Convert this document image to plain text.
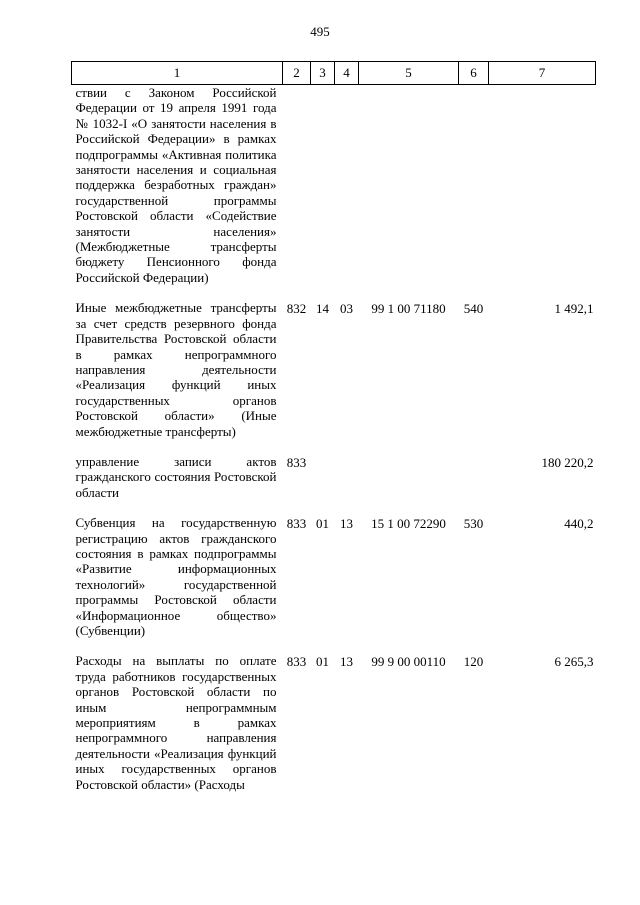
495
1	2	3	4	5	6	7
ствии с Законом Российской Федерации от 19 апреля 1991 года № 1032-I «О занятости населения в Российской Федерации» в рамках подпрограммы «Активная политика занятости населения и социальная поддержка безработных граждан» государственной программы Ростовской области «Содействие занятости населения» (Межбюджетные трансферты бюджету Пенсионного фонда Российской Федерации)						

Иные межбюджетные трансферты за счет средств резервного фонда Правительства Ростовской области в рамках непрограммного направления деятельности «Реализация функций иных государственных органов Ростовской области» (Иные межбюджетные трансферты)	832	14	03	99 1 00 71180	540	1 492,1

управление записи актов гражданского состояния Ростовской области	833					180 220,2

Субвенция на государственную регистрацию актов гражданского состояния в рамках подпрограммы «Развитие информационных технологий» государственной программы Ростовской области «Информационное общество» (Субвенции)	833	01	13	15 1 00 72290	530	440,2

Расходы на выплаты по оплате труда работников государственных органов Ростовской области по иным непрограммным мероприятиям в рамках непрограммного направления деятельности «Реализация функций иных государственных органов Ростовской области» (Расходы	833	01	13	99 9 00 00110	120	6 265,3
